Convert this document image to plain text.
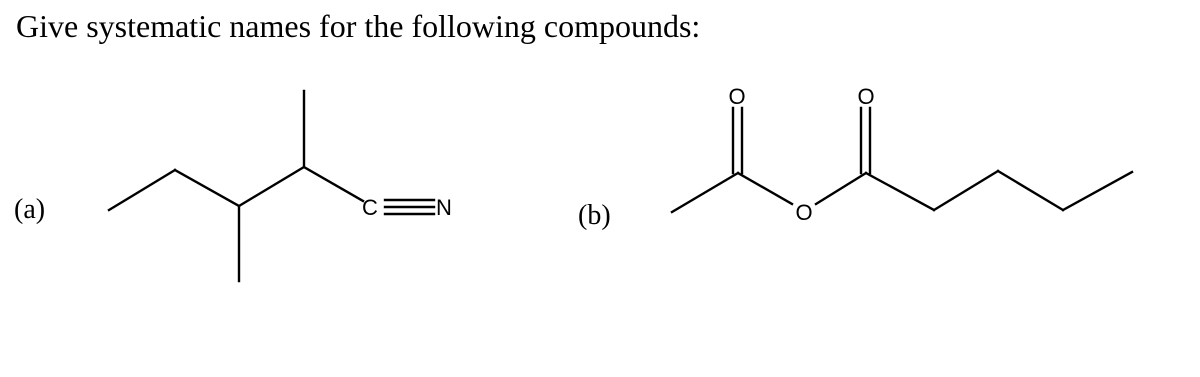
Give systematic names for the following compounds:
(a)	(b)
C	N
O
O
O
